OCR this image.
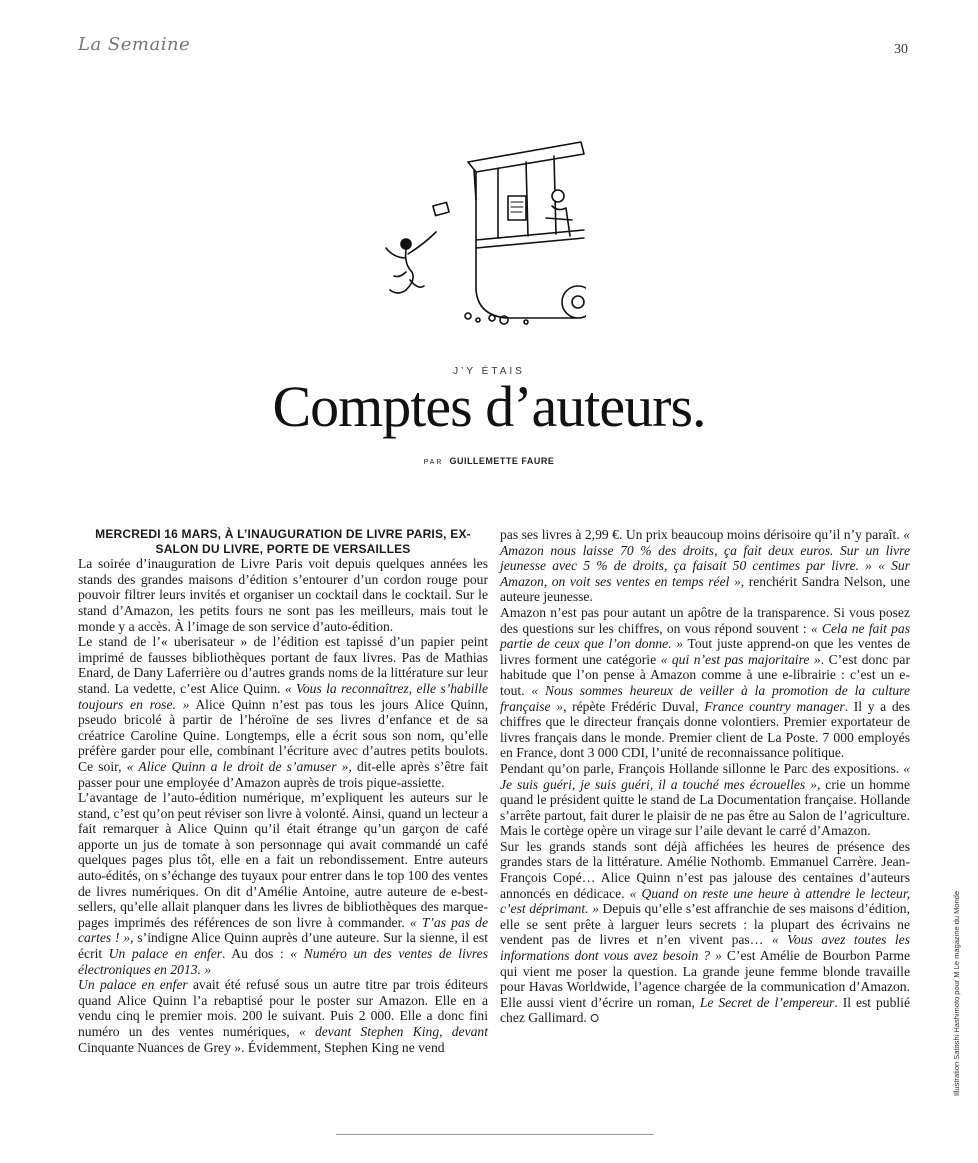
La Semaine	30
J’Y ÉTAIS
Comptes d’auteurs.
PAR GUILLEMETTE FAURE

MERCREDI 16 MARS, À L’INAUGURATION DE LIVRE PARIS, EX-SALON DU LIVRE, PORTE DE VERSAILLES

La soirée d’inauguration de Livre Paris voit depuis quelques années les stands des grandes maisons d’édition s’entourer d’un cordon rouge pour pouvoir filtrer leurs invités et organiser un cocktail dans le cocktail. Sur le stand d’Amazon, les petits fours ne sont pas les meilleurs, mais tout le monde y a accès. À l’image de son service d’auto-édition.

Le stand de l’« uberisateur » de l’édition est tapissé d’un papier peint imprimé de fausses bibliothèques portant de faux livres. Pas de Mathias Enard, de Dany Laferrière ou d’autres grands noms de la littérature sur leur stand. La vedette, c’est Alice Quinn. « Vous la reconnaîtrez, elle s’habille toujours en rose. » Alice Quinn n’est pas tous les jours Alice Quinn, pseudo bricolé à partir de l’héroïne de ses livres d’enfance et de sa créatrice Caroline Quine. Longtemps, elle a écrit sous son nom, qu’elle préfère garder pour elle, combinant l’écriture avec d’autres petits boulots. Ce soir, « Alice Quinn a le droit de s’amuser », dit-elle après s’être fait passer pour une employée d’Amazon auprès de trois pique-assiette.

L’avantage de l’auto-édition numérique, m’expliquent les auteurs sur le stand, c’est qu’on peut réviser son livre à volonté. Ainsi, quand un lecteur a fait remarquer à Alice Quinn qu’il était étrange qu’un garçon de café apporte un jus de tomate à son personnage qui avait commandé un café quelques pages plus tôt, elle en a fait un rebondissement. Entre auteurs auto-édités, on s’échange des tuyaux pour entrer dans le top 100 des ventes de livres numériques. On dit d’Amélie Antoine, autre auteure de e-best-sellers, qu’elle allait planquer dans les livres de bibliothèques des marque-pages imprimés des références de son livre à commander. « T’as pas de cartes ! », s’indigne Alice Quinn auprès d’une auteure. Sur la sienne, il est écrit Un palace en enfer. Au dos : « Numéro un des ventes de livres électroniques en 2013. »

Un palace en enfer avait été refusé sous un autre titre par trois éditeurs quand Alice Quinn l’a rebaptisé pour le poster sur Amazon. Elle en a vendu cinq le premier mois. 200 le suivant. Puis 2 000. Elle a donc fini numéro un des ventes numériques, « devant Stephen King, devant Cinquante Nuances de Grey ». Évidemment, Stephen King ne vend

pas ses livres à 2,99 €. Un prix beaucoup moins dérisoire qu’il n’y paraît. « Amazon nous laisse 70 % des droits, ça fait deux euros. Sur un livre jeunesse avec 5 % de droits, ça faisait 50 centimes par livre. » « Sur Amazon, on voit ses ventes en temps réel », renchérit Sandra Nelson, une auteure jeunesse.

Amazon n’est pas pour autant un apôtre de la transparence. Si vous posez des questions sur les chiffres, on vous répond souvent : « Cela ne fait pas partie de ceux que l’on donne. » Tout juste apprend-on que les ventes de livres forment une catégorie « qui n’est pas majoritaire ». C’est donc par habitude que l’on pense à Amazon comme à une e-librairie : c’est un e-tout. « Nous sommes heureux de veiller à la promotion de la culture française », répète Frédéric Duval, France country manager. Il y a des chiffres que le directeur français donne volontiers. Premier exportateur de livres français dans le monde. Premier client de La Poste. 7 000 employés en France, dont 3 000 CDI, l’unité de reconnaissance politique.

Pendant qu’on parle, François Hollande sillonne le Parc des expositions. « Je suis guéri, je suis guéri, il a touché mes écrouelles », crie un homme quand le président quitte le stand de La Documentation française. Hollande s’arrête partout, fait durer le plaisir de ne pas être au Salon de l’agriculture. Mais le cortège opère un virage sur l’aile devant le carré d’Amazon.

Sur les grands stands sont déjà affichées les heures de présence des grandes stars de la littérature. Amélie Nothomb. Emmanuel Carrère. Jean-François Copé… Alice Quinn n’est pas jalouse des centaines d’auteurs annoncés en dédicace. « Quand on reste une heure à attendre le lecteur, c’est déprimant. » Depuis qu’elle s’est affranchie de ses maisons d’édition, elle se sent prête à larguer leurs secrets : la plupart des écrivains ne vendent pas de livres et n’en vivent pas… « Vous avez toutes les informations dont vous avez besoin ? » C’est Amélie de Bourbon Parme qui vient me poser la question. La grande jeune femme blonde travaille pour Havas Worldwide, l’agence chargée de la communication d’Amazon. Elle aussi vient d’écrire un roman, Le Secret de l’empereur. Il est publié chez Gallimard. ⭘	Illustration Satoshi Hashimoto pour M Le magazine du Monde
